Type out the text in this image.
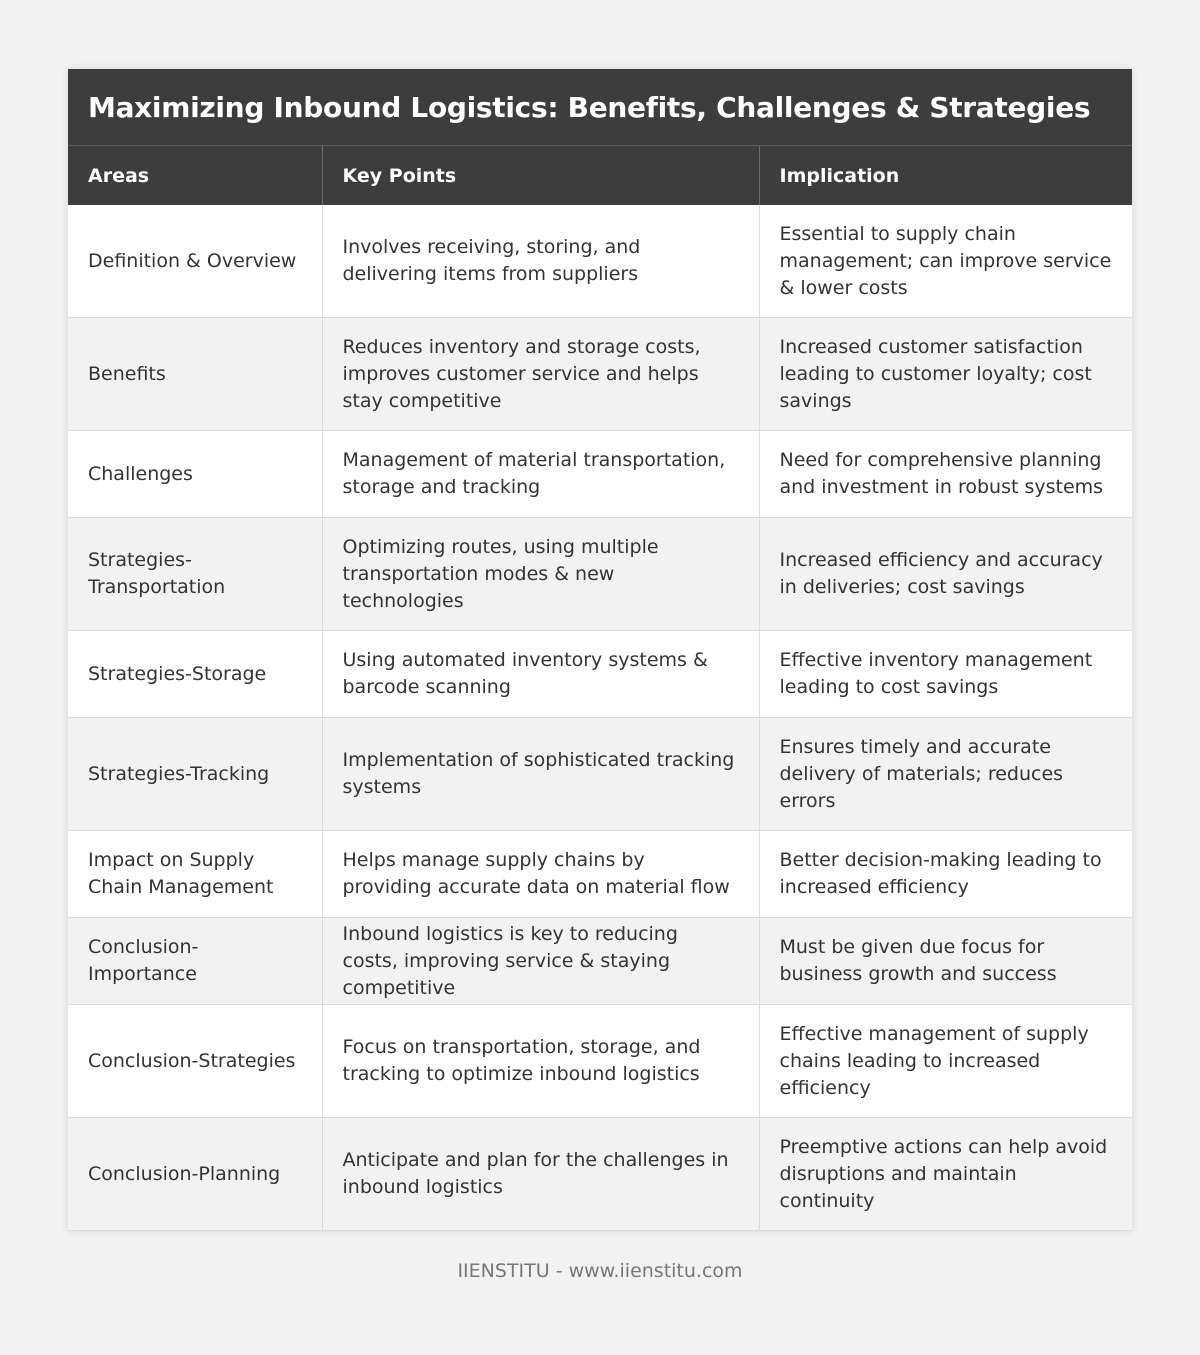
Maximizing Inbound Logistics: Benefits, Challenges & Strategies
Areas	Key Points	Implication
Definition & Overview	Involves receiving, storing, and delivering items from suppliers	Essential to supply chain management; can improve service & lower costs
Benefits	Reduces inventory and storage costs, improves customer service and helps stay competitive	Increased customer satisfaction leading to customer loyalty; cost savings
Challenges	Management of material transportation, storage and tracking	Need for comprehensive planning and investment in robust systems
Strategies-Transportation	Optimizing routes, using multiple transportation modes & new technologies	Increased efficiency and accuracy in deliveries; cost savings
Strategies-Storage	Using automated inventory systems & barcode scanning	Effective inventory management leading to cost savings
Strategies-Tracking	Implementation of sophisticated tracking systems	Ensures timely and accurate delivery of materials; reduces errors
Impact on Supply Chain Management	Helps manage supply chains by providing accurate data on material flow	Better decision-making leading to increased efficiency
Conclusion-Importance	Inbound logistics is key to reducing costs, improving service & staying competitive	Must be given due focus for business growth and success
Conclusion-Strategies	Focus on transportation, storage, and tracking to optimize inbound logistics	Effective management of supply chains leading to increased efficiency
Conclusion-Planning	Anticipate and plan for the challenges in inbound logistics	Preemptive actions can help avoid disruptions and maintain continuity
IIENSTITU - www.iienstitu.com
